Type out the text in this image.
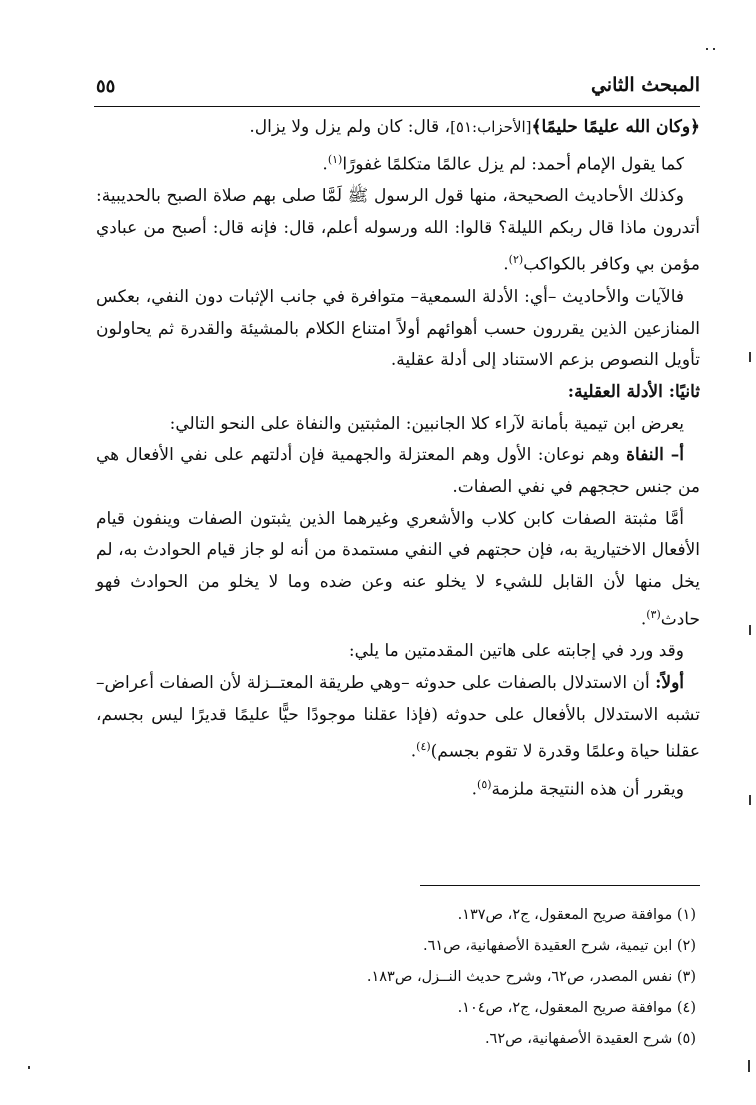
المبحث الثاني
٥٥

﴿وكان الله عليمًا حليمًا﴾[الأحزاب:٥١]، قال: كان ولم يزل ولا يزال.

كما يقول الإمام أحمد: لم يزل عالمًا متكلمًا غفورًا$^{(١)}$.

وكذلك الأحاديث الصحيحة، منها قول الرسول ﷺ لَمَّا صلى بهم صلاة الصبح بالحديبية: أتدرون ماذا قال ربكم الليلة؟ قالوا: الله ورسوله أعلم، قال: فإنه قال: أصبح من عبادي مؤمن بي وكافر بالكواكب$^{(٢)}$.

فالآيات والأحاديث –أي: الأدلة السمعية– متوافرة في جانب الإثبات دون النفي، بعكس المنازعين الذين يقررون حسب أهوائهم أولاً امتناع الكلام بالمشيئة والقدرة ثم يحاولون تأويل النصوص بزعم الاستناد إلى أدلة عقلية.

ثانيًا: الأدلة العقلية:

يعرض ابن تيمية بأمانة لآراء كلا الجانبين: المثبتين والنفاة على النحو التالي:

أ– النفاة وهم نوعان: الأول وهم المعتزلة والجهمية فإن أدلتهم على نفي الأفعال هي من جنس حججهم في نفي الصفات.

أمَّا مثبتة الصفات كابن كلاب والأشعري وغيرهما الذين يثبتون الصفات وينفون قيام الأفعال الاختيارية به، فإن حجتهم في النفي مستمدة من أنه لو جاز قيام الحوادث به، لم يخل منها لأن القابل للشيء لا يخلو عنه وعن ضده وما لا يخلو من الحوادث فهو حادث$^{(٣)}$.

وقد ورد في إجابته على هاتين المقدمتين ما يلي:

أولاً: أن الاستدلال بالصفات على حدوثه –وهي طريقة المعتــزلة لأن الصفات أعراض– تشبه الاستدلال بالأفعال على حدوثه (فإذا عقلنا موجودًا حيًّا عليمًا قديرًا ليس بجسم، عقلنا حياة وعلمًا وقدرة لا تقوم بجسم)$^{(٤)}$.

ويقرر أن هذه النتيجة ملزمة$^{(٥)}$.

(١) موافقة صريح المعقول، ج٢، ص١٣٧.
(٢) ابن تيمية، شرح العقيدة الأصفهانية، ص٦١.
(٣) نفس المصدر، ص٦٢، وشرح حديث النــزل، ص١٨٣.
(٤) موافقة صريح المعقول، ج٢، ص١٠٤.
(٥) شرح العقيدة الأصفهانية، ص٦٢.
